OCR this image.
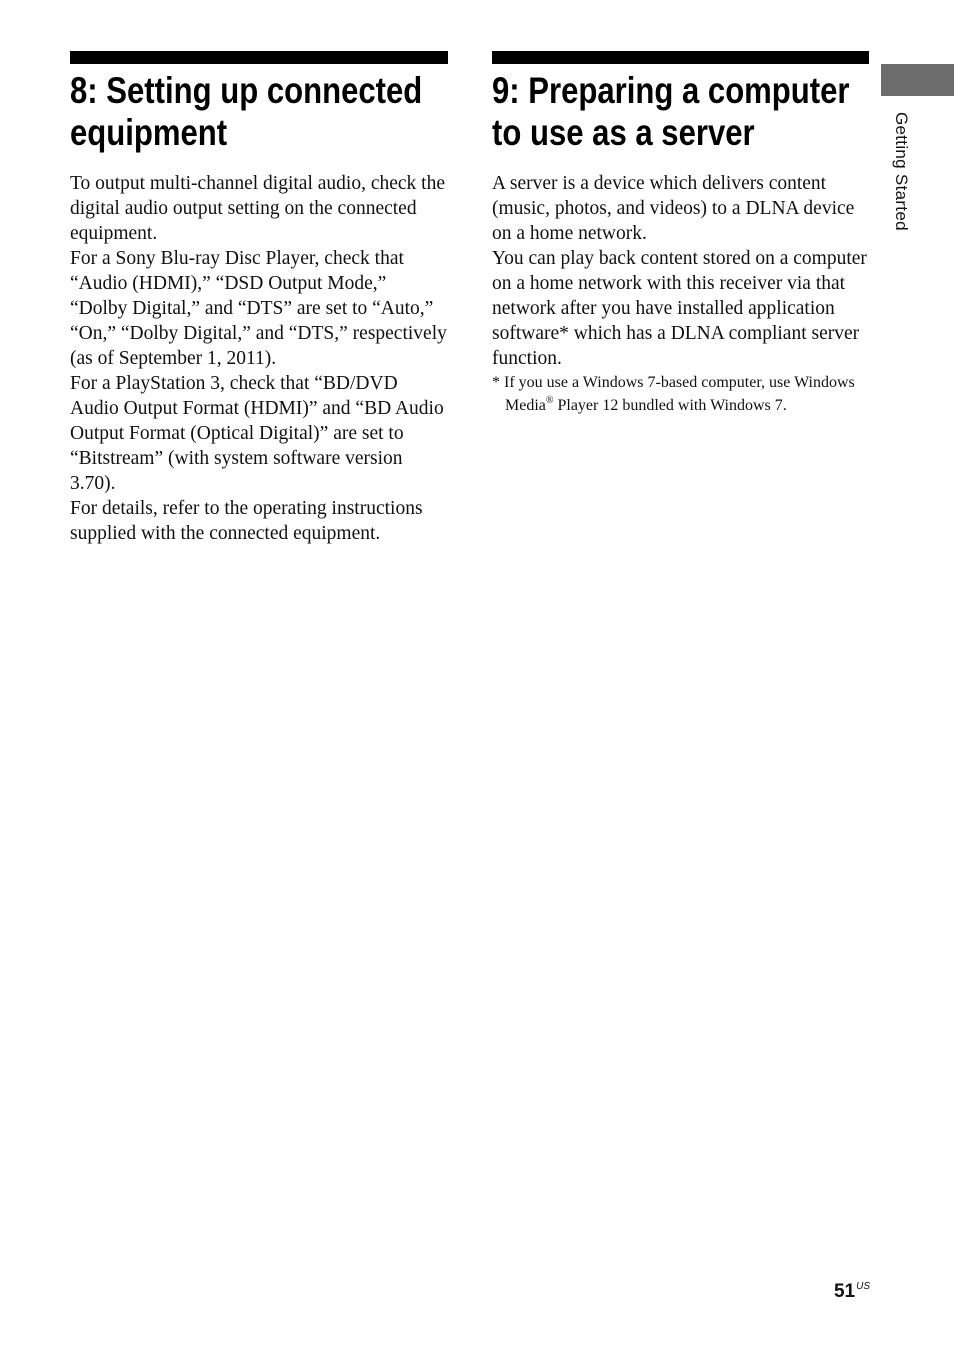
8: Setting up connected
equipment

To output multi-channel digital audio, check the digital audio output setting on the connected equipment.

For a Sony Blu-ray Disc Player, check that “Audio (HDMI),” “DSD Output Mode,” “Dolby Digital,” and “DTS” are set to “Auto,” “On,” “Dolby Digital,” and “DTS,” respectively (as of September 1, 2011).

For a PlayStation 3, check that “BD/DVD Audio Output Format (HDMI)” and “BD Audio Output Format (Optical Digital)” are set to “Bitstream” (with system software version 3.70).

For details, refer to the operating instructions supplied with the connected equipment.

9: Preparing a computer
to use as a server

A server is a device which delivers content (music, photos, and videos) to a DLNA device on a home network.

You can play back content stored on a computer on a home network with this receiver via that network after you have installed application software* which has a DLNA compliant server function.

* If you use a Windows 7-based computer, use Windows Media® Player 12 bundled with Windows 7.

Getting Started
$51^{US}$
